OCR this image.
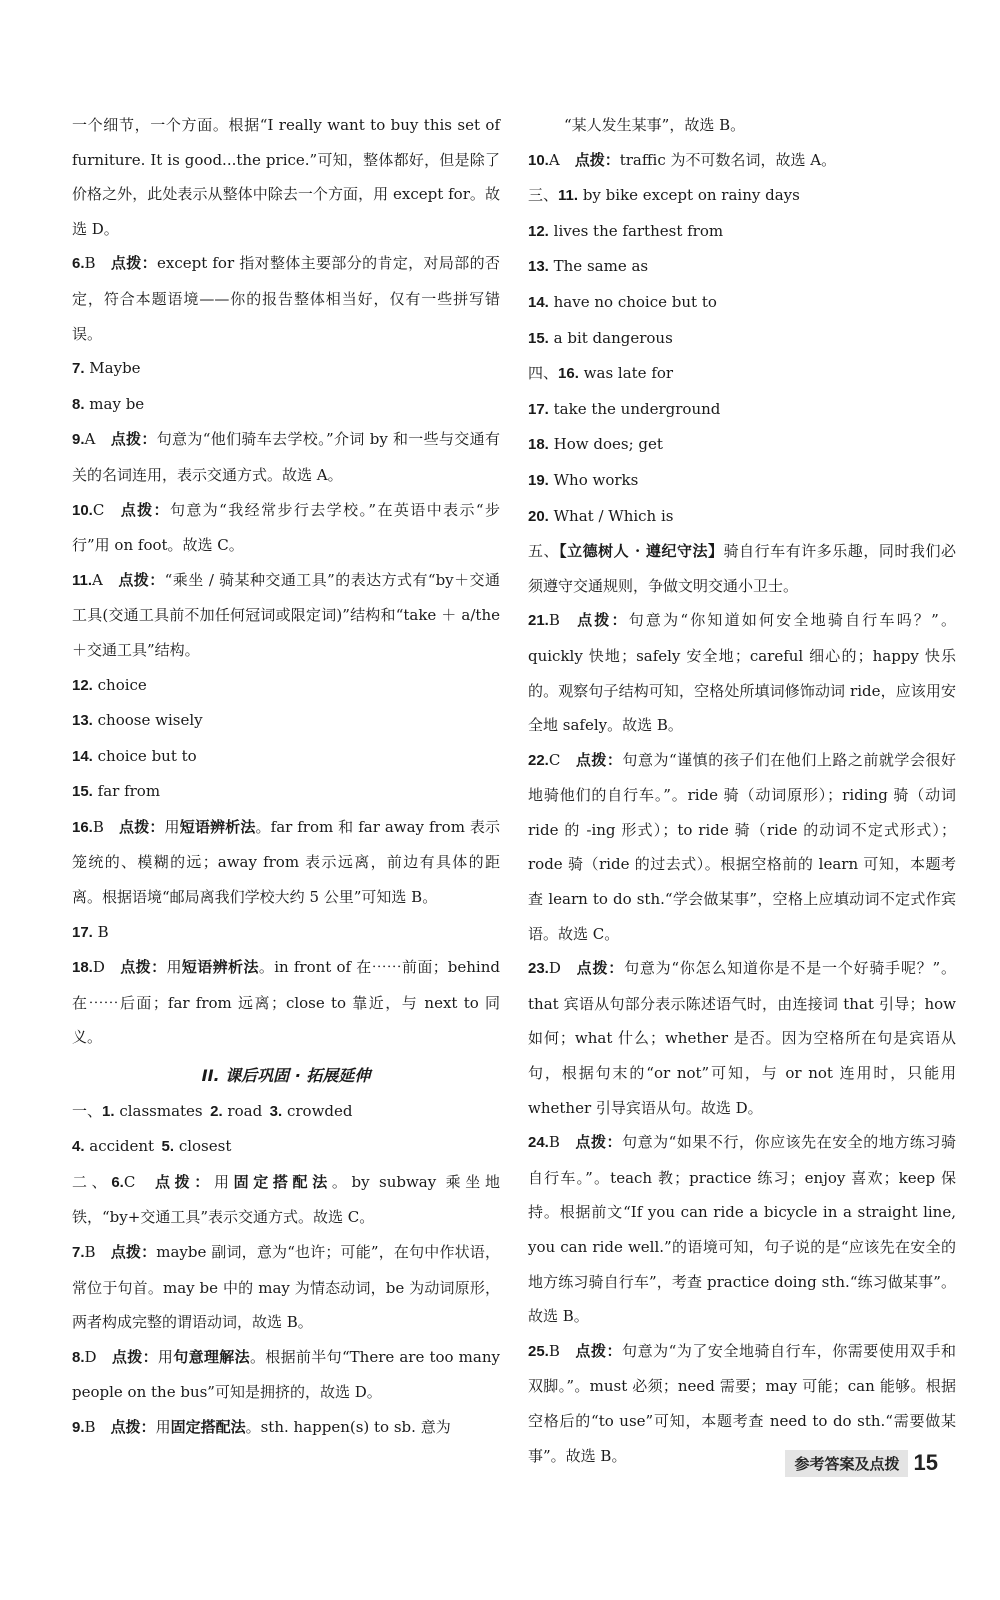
一个细节，一个方面。根据“I really want to buy this set of furniture. It is good...the price.”可知，整体都好，但是除了价格之外，此处表示从整体中除去一个方面，用 except for。故选 D。

6.B  点拨：except for 指对整体主要部分的肯定，对局部的否定，符合本题语境——你的报告整体相当好，仅有一些拼写错误。

7. Maybe

8. may be

9.A  点拨：句意为“他们骑车去学校。”介词 by 和一些与交通有关的名词连用，表示交通方式。故选 A。

10.C  点拨：句意为“我经常步行去学校。”在英语中表示“步行”用 on foot。故选 C。

11.A  点拨：“乘坐 / 骑某种交通工具”的表达方式有“by＋交通工具(交通工具前不加任何冠词或限定词)”结构和“take ＋ a/the ＋交通工具”结构。

12. choice

13. choose wisely

14. choice but to

15. far from

16.B  点拨：用短语辨析法。far from 和 far away from 表示笼统的、模糊的远；away from 表示远离，前边有具体的距离。根据语境“邮局离我们学校大约 5 公里”可知选 B。

17. B

18.D  点拨：用短语辨析法。in front of 在⋯⋯前面；behind 在⋯⋯后面；far from 远离；close to 靠近，与 next to 同义。

II. 课后巩固 · 拓展延伸

一、1. classmates  2. road  3. crowded

4. accident  5. closest

二、6.C  点拨：用固定搭配法。by subway 乘坐地铁，“by+交通工具”表示交通方式。故选 C。

7.B  点拨：maybe 副词，意为“也许；可能”，在句中作状语，常位于句首。may be 中的 may 为情态动词，be 为动词原形，两者构成完整的谓语动词，故选 B。

8.D  点拨：用句意理解法。根据前半句“There are too many people on the bus”可知是拥挤的，故选 D。

9.B  点拨：用固定搭配法。sth. happen(s) to sb. 意为

“某人发生某事”，故选 B。

10.A  点拨：traffic 为不可数名词，故选 A。

三、11. by bike except on rainy days

12. lives the farthest from

13. The same as

14. have no choice but to

15. a bit dangerous

四、16. was late for

17. take the underground

18. How does; get

19. Who works

20. What / Which is

五、【立德树人 · 遵纪守法】骑自行车有许多乐趣，同时我们必须遵守交通规则，争做文明交通小卫士。

21.B  点拨：句意为“你知道如何安全地骑自行车吗？”。quickly 快地；safely 安全地；careful 细心的；happy 快乐的。观察句子结构可知，空格处所填词修饰动词 ride，应该用安全地 safely。故选 B。

22.C  点拨：句意为“谨慎的孩子们在他们上路之前就学会很好地骑他们的自行车。”。ride 骑（动词原形）；riding 骑（动词 ride 的 -ing 形式）；to ride 骑（ride 的动词不定式形式）；rode 骑（ride 的过去式）。根据空格前的 learn 可知，本题考查 learn to do sth.“学会做某事”，空格上应填动词不定式作宾语。故选 C。

23.D  点拨：句意为“你怎么知道你是不是一个好骑手呢？”。that 宾语从句部分表示陈述语气时，由连接词 that 引导；how 如何；what 什么；whether 是否。因为空格所在句是宾语从句，根据句末的“or not”可知，与 or not 连用时，只能用 whether 引导宾语从句。故选 D。

24.B  点拨：句意为“如果不行，你应该先在安全的地方练习骑自行车。”。teach 教；practice 练习；enjoy 喜欢；keep 保持。根据前文“If you can ride a bicycle in a straight line, you can ride well.”的语境可知，句子说的是“应该先在安全的地方练习骑自行车”，考查 practice doing sth.“练习做某事”。故选 B。

25.B  点拨：句意为“为了安全地骑自行车，你需要使用双手和双脚。”。must 必须；need 需要；may 可能；can 能够。根据空格后的“to use”可知，本题考查 need to do sth.“需要做某事”。故选 B。	参考答案及点拨 15
